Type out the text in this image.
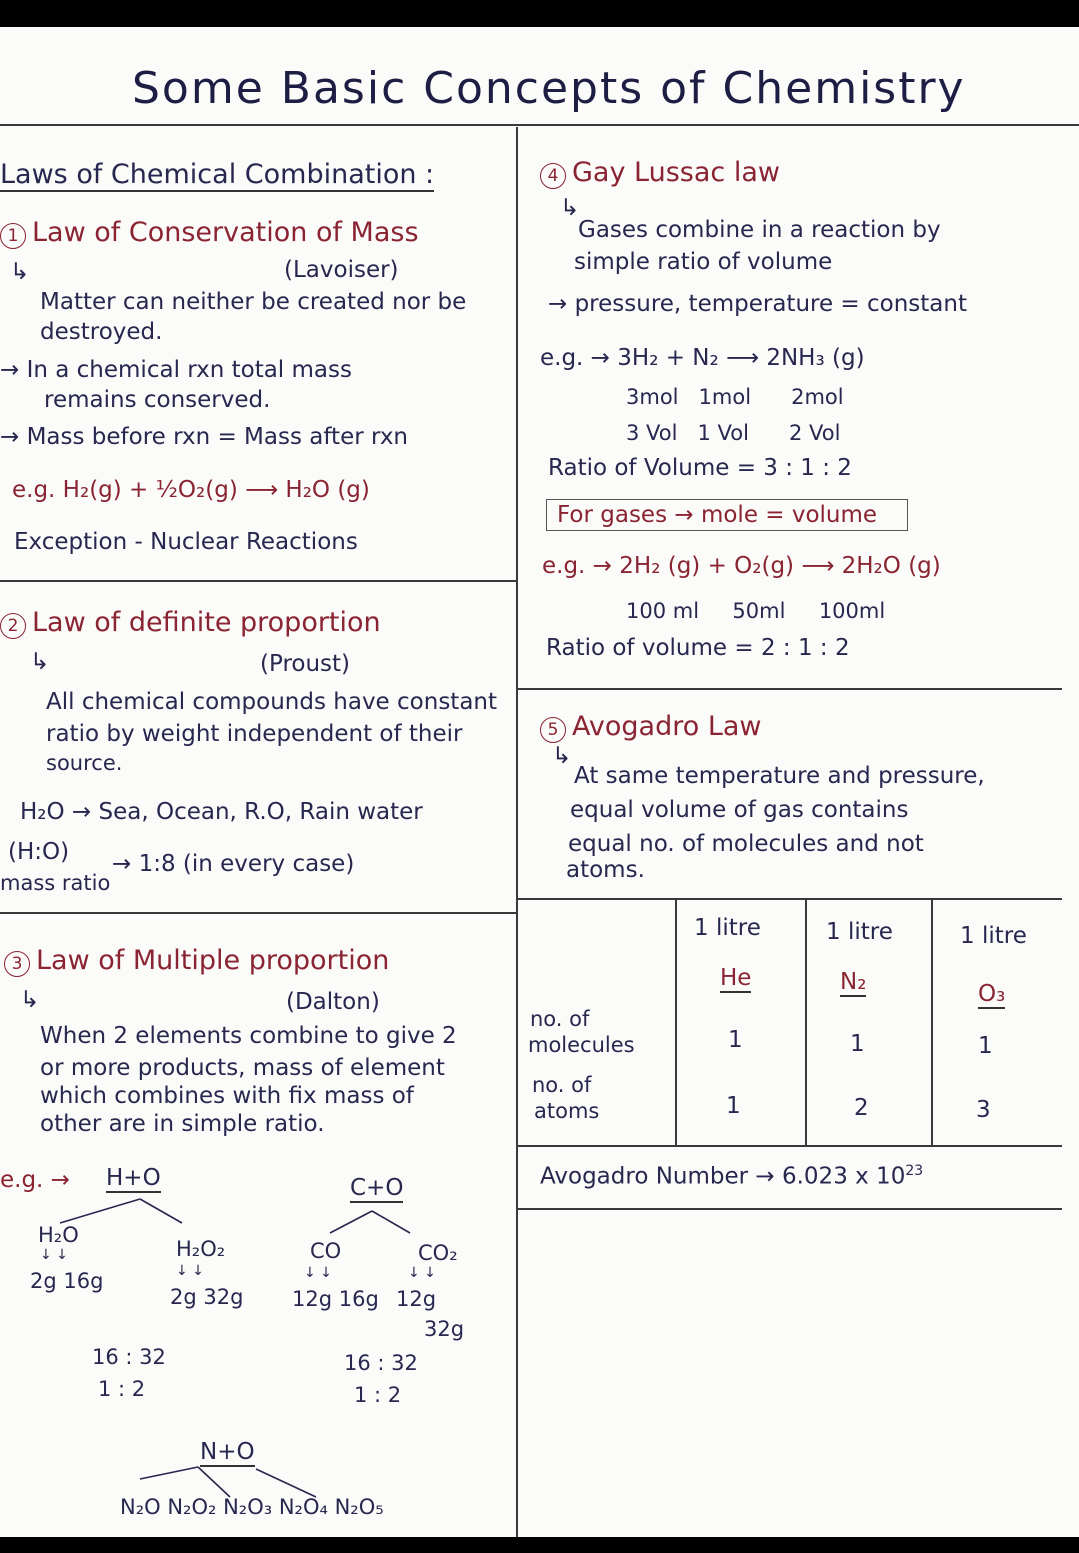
Some Basic Concepts of Chemistry
Laws of Chemical Combination :
1 Law of Conservation of Mass
↳	(Lavoiser)
Matter can neither be created nor be
destroyed.
→ In a chemical rxn total mass
remains conserved.
→ Mass before rxn = Mass after rxn
e.g. H₂(g) + ½O₂(g) ⟶ H₂O (g)
Exception - Nuclear Reactions
2 Law of definite proportion
↳	(Proust)
All chemical compounds have constant
ratio by weight independent of their
source.
H₂O → Sea, Ocean, R.O, Rain water
(H:O) → 1:8 (in every case)
mass ratio
3 Law of Multiple proportion
↳	(Dalton)
When 2 elements combine to give 2
or more products, mass of element
which combines with fix mass of
other are in simple ratio.
e.g. → H+O	C+O
H₂O
2g 16g
H₂O₂
2g 32g
CO
12g 16g
CO₂
12g
32g
16 : 32
1 : 2
16 : 32
1 : 2
N+O
N₂O N₂O₂ N₂O₃ N₂O₄ N₂O₅
↓ ↓
↓ ↓	↓ ↓	↓ ↓
4 Gay Lussac law
↳
Gases combine in a reaction by
simple ratio of volume
→ pressure, temperature = constant
e.g. → 3H₂ + N₂ ⟶ 2NH₃ (g)
3mol   1mol      2mol
3 Vol   1 Vol      2 Vol
Ratio of Volume = 3 : 1 : 2
For gases → mole = volume
e.g. → 2H₂ (g) + O₂(g) ⟶ 2H₂O (g)
100 ml     50ml     100ml
Ratio of volume = 2 : 1 : 2
5 Avogadro Law
↳
At same temperature and pressure,
equal volume of gas contains
equal no. of molecules and not
atoms.
1 litre	1 litre	1 litre
He	N₂	O₃
no. of
molecules	1	1	1
no. of
atoms	1	2	3
Avogadro Number → 6.023 x $10^{23}$
